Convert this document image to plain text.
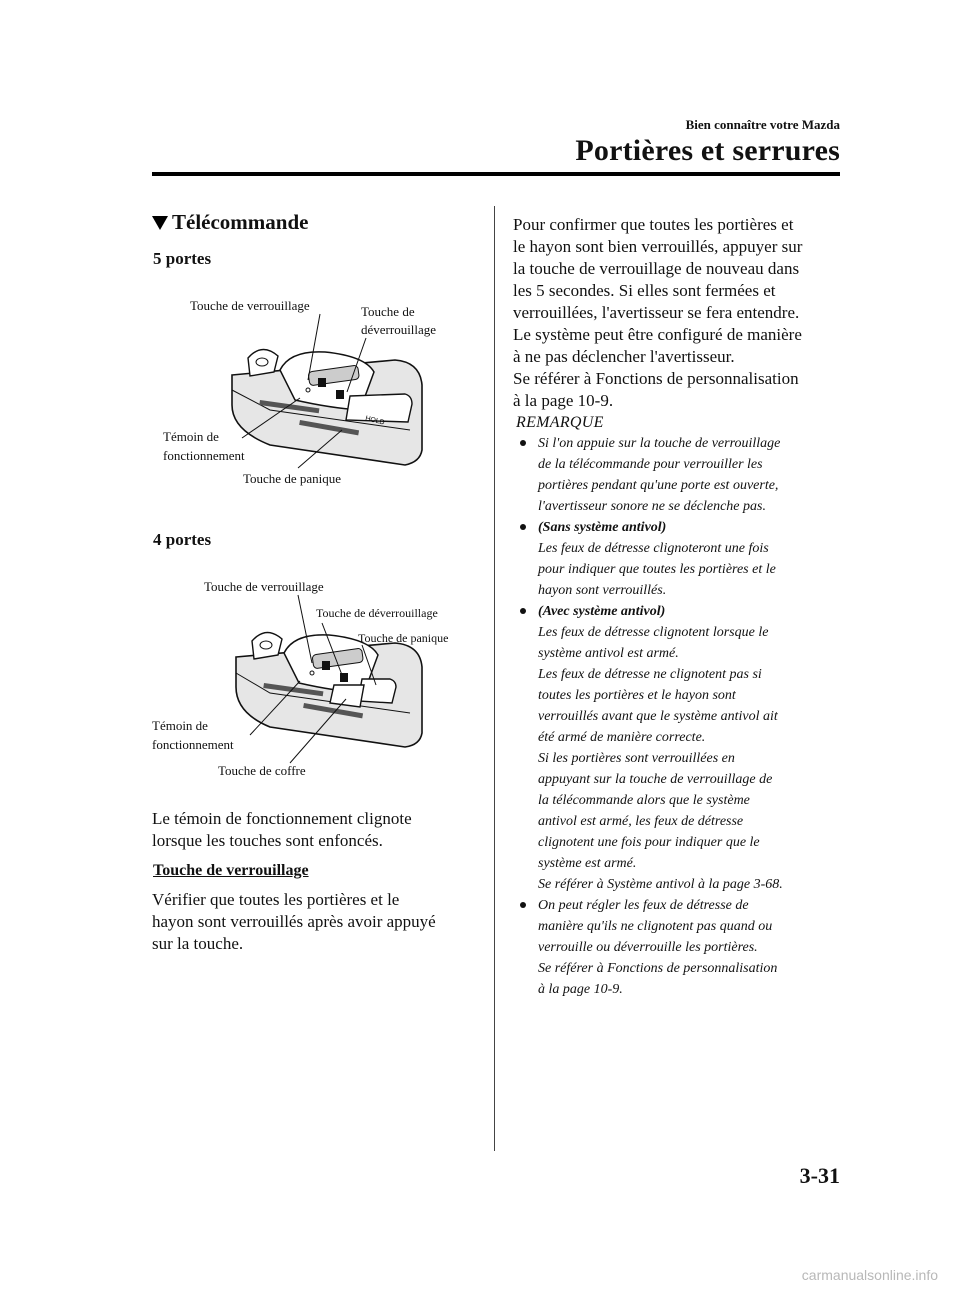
Bien connaître votre Mazda
Portières et serrures
Télécommande
5 portes
HOLD
Touche de verrouillage	Touche de
déverrouillage
Témoin de
fonctionnement
Touche de panique
4 portes
Touche de verrouillage
Touche de déverrouillage
Touche de panique
Témoin de
fonctionnement
Touche de coffre
Le témoin de fonctionnement clignote
lorsque les touches sont enfoncés.
Touche de verrouillage
Vérifier que toutes les portières et le
hayon sont verrouillés après avoir appuyé
sur la touche.
Pour confirmer que toutes les portières et
le hayon sont bien verrouillés, appuyer sur
la touche de verrouillage de nouveau dans
les 5 secondes. Si elles sont fermées et
verrouillées, l'avertisseur se fera entendre.
Le système peut être configuré de manière
à ne pas déclencher l'avertisseur.
Se référer à Fonctions de personnalisation
à la page 10-9.
REMARQUE
Si l'on appuie sur la touche de verrouillage
de la télécommande pour verrouiller les
portières pendant qu'une porte est ouverte,
l'avertisseur sonore ne se déclenche pas.
(Sans système antivol)
Les feux de détresse clignoteront une fois
pour indiquer que toutes les portières et le
hayon sont verrouillés.
(Avec système antivol)
Les feux de détresse clignotent lorsque le
système antivol est armé.
Les feux de détresse ne clignotent pas si
toutes les portières et le hayon sont
verrouillés avant que le système antivol ait
été armé de manière correcte.
Si les portières sont verrouillées en
appuyant sur la touche de verrouillage de
la télécommande alors que le système
antivol est armé, les feux de détresse
clignotent une fois pour indiquer que le
système est armé.
Se référer à Système antivol à la page 3-68.
On peut régler les feux de détresse de
manière qu'ils ne clignotent pas quand ou
verrouille ou déverrouille les portières.
Se référer à Fonctions de personnalisation
à la page 10-9.
3-31
carmanualsonline.info
